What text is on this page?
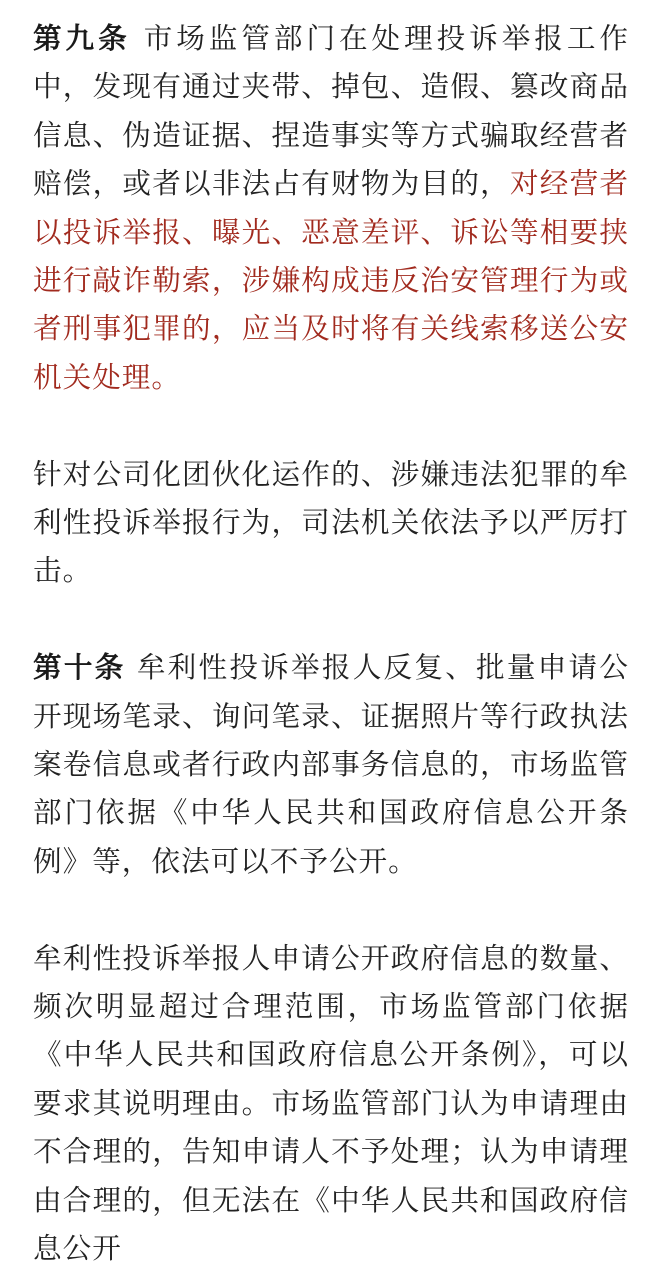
第九条 市场监管部门在处理投诉举报工作中，发现有通过夹带、掉包、造假、篡改商品信息、伪造证据、捏造事实等方式骗取经营者赔偿，或者以非法占有财物为目的，对经营者以投诉举报、曝光、恶意差评、诉讼等相要挟进行敲诈勒索，涉嫌构成违反治安管理行为或者刑事犯罪的，应当及时将有关线索移送公安机关处理。

针对公司化团伙化运作的、涉嫌违法犯罪的牟利性投诉举报行为，司法机关依法予以严厉打击。

第十条 牟利性投诉举报人反复、批量申请公开现场笔录、询问笔录、证据照片等行政执法案卷信息或者行政内部事务信息的，市场监管部门依据《中华人民共和国政府信息公开条例》等，依法可以不予公开。

牟利性投诉举报人申请公开政府信息的数量、频次明显超过合理范围，市场监管部门依据《中华人民共和国政府信息公开条例》，可以要求其说明理由。市场监管部门认为申请理由不合理的，告知申请人不予处理；认为申请理由合理的，但无法在《中华人民共和国政府信息公开
